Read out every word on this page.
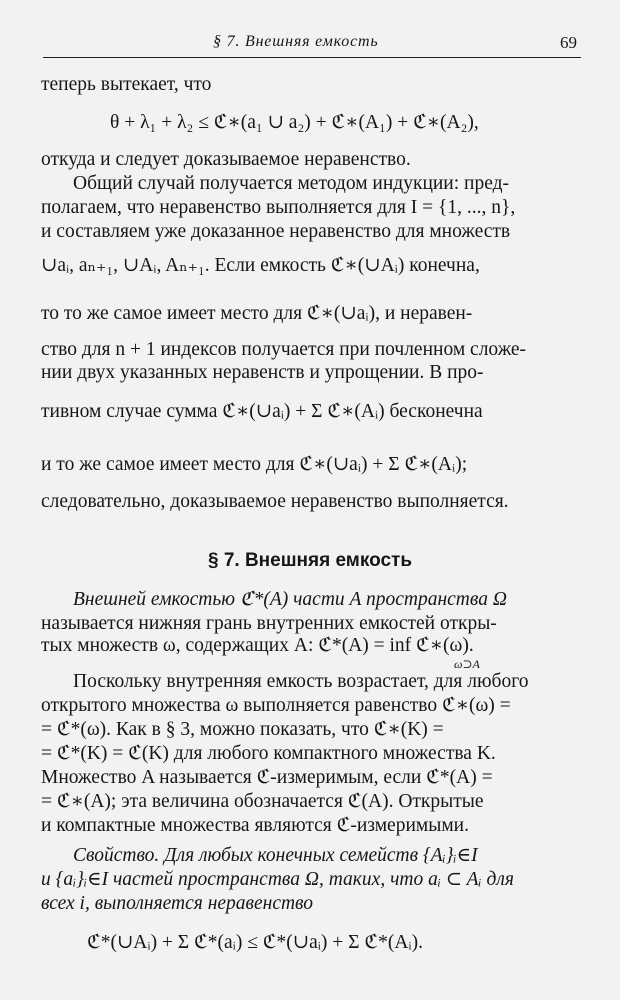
§ 7. Внешняя емкость	69
теперь вытекает, что
θ + λ₁ + λ₂ ≤ ℭ∗(a₁ ∪ a₂) + ℭ∗(A₁) + ℭ∗(A₂),
откуда и следует доказываемое неравенство.
Общий случай получается методом индукции: пред-
полагаем, что неравенство выполняется для I = {1, ..., n},
и составляем уже доказанное неравенство для множеств
∪aᵢ, aₙ₊₁, ∪Aᵢ, Aₙ₊₁. Если емкость ℭ∗(∪Aᵢ) конечна,
то то же самое имеет место для ℭ∗(∪aᵢ), и неравен-
ство для n + 1 индексов получается при почленном сложе-
нии двух указанных неравенств и упрощении. В про-
тивном случае сумма ℭ∗(∪aᵢ) + Σ ℭ∗(Aᵢ) бесконечна
и то же самое имеет место для ℭ∗(∪aᵢ) + Σ ℭ∗(Aᵢ);
следовательно, доказываемое неравенство выполняется.
§ 7. Внешняя емкость
Внешней емкостью ℭ*(A) части A пространства Ω
называется нижняя грань внутренних емкостей откры-
тых множеств ω, содержащих A: ℭ*(A) = inf ℭ∗(ω).
ω⊃A
Поскольку внутренняя емкость возрастает, для любого
открытого множества ω выполняется равенство ℭ∗(ω) =
= ℭ*(ω). Как в § 3, можно показать, что ℭ∗(K) =
= ℭ*(K) = ℭ(K) для любого компактного множества K.
Множество A называется ℭ-измеримым, если ℭ*(A) =
= ℭ∗(A); эта величина обозначается ℭ(A). Открытые
и компактные множества являются ℭ-измеримыми.
Свойство. Для любых конечных семейств {Aᵢ}ᵢ∈I
и {aᵢ}ᵢ∈I частей пространства Ω, таких, что aᵢ ⊂ Aᵢ для
всех i, выполняется неравенство
ℭ*(∪Aᵢ) + Σ ℭ*(aᵢ) ≤ ℭ*(∪aᵢ) + Σ ℭ*(Aᵢ).
